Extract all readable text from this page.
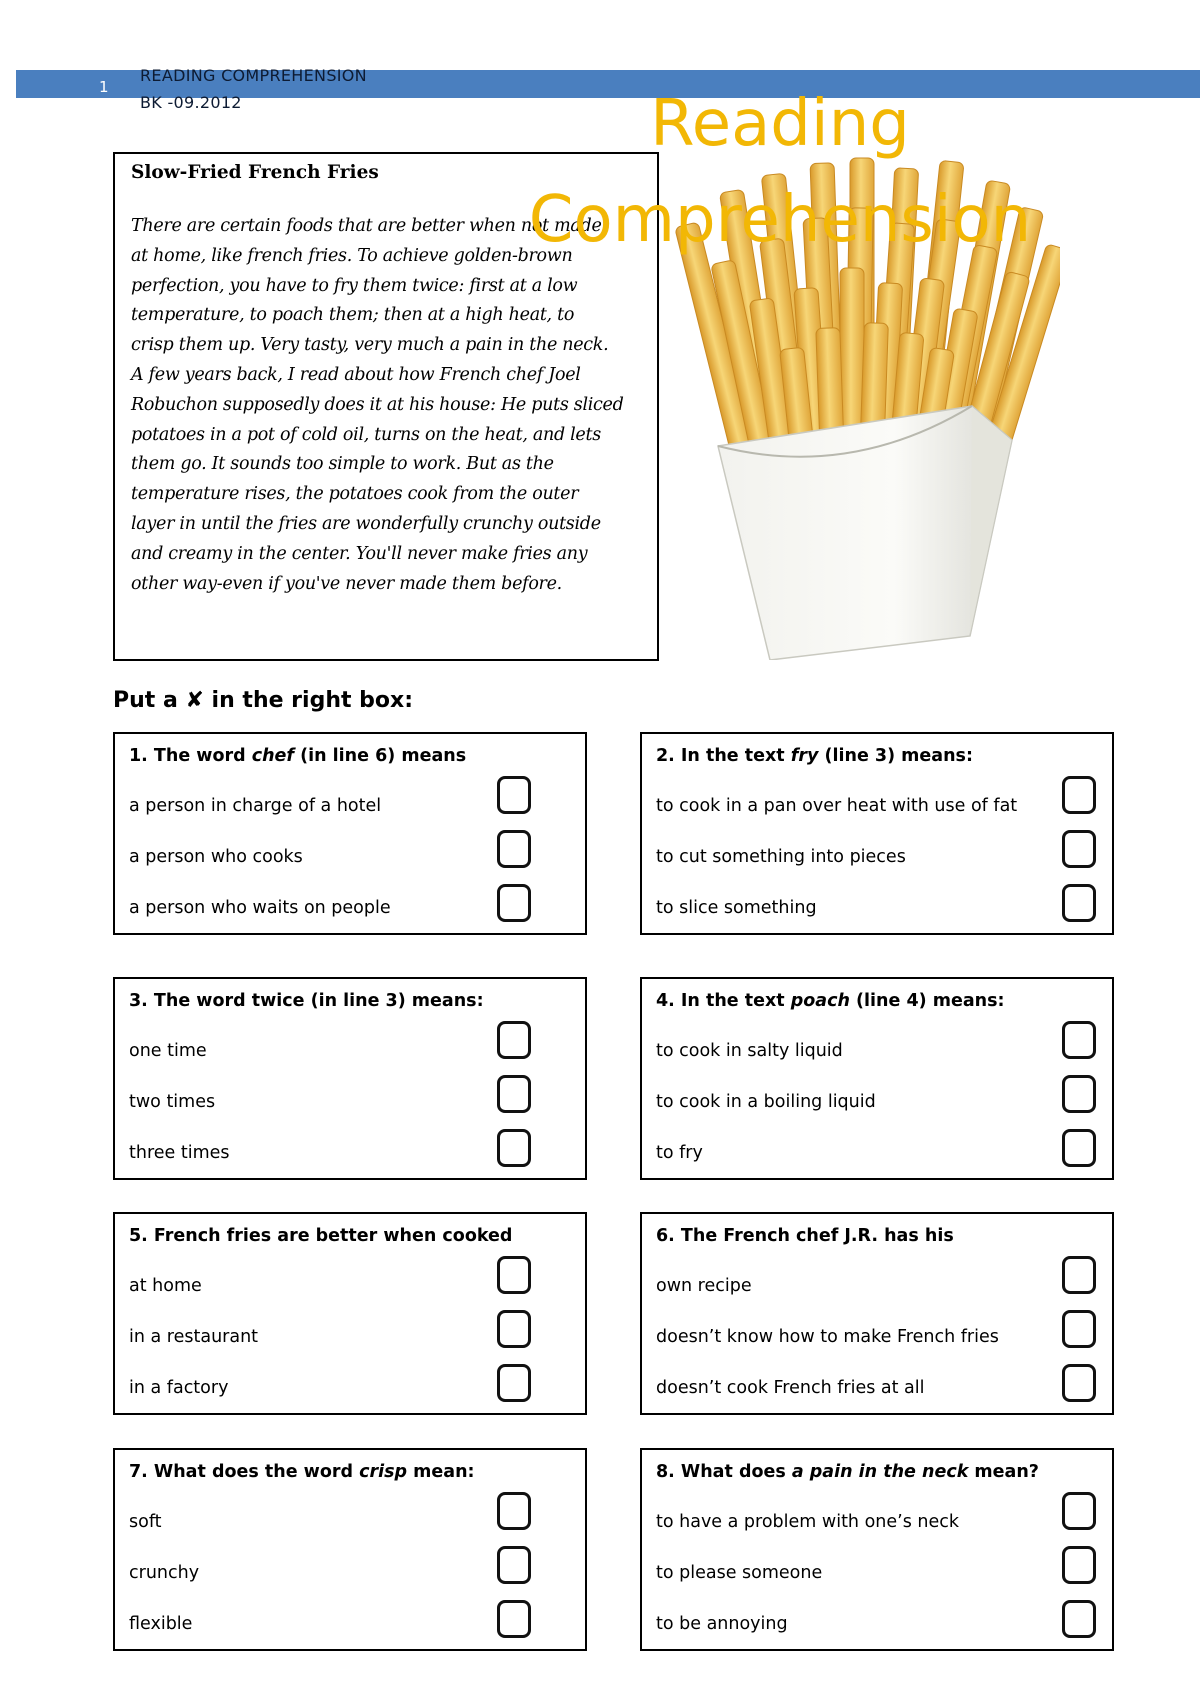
1
READING COMPREHENSION
BK -09.2012	Reading
Comprehension
Slow-Fried French Fries
There are certain foods that are better when not made
at home, like french fries. To achieve golden-brown
perfection, you have to fry them twice: first at a low
temperature, to poach them; then at a high heat, to
crisp them up. Very tasty, very much a pain in the neck.
A few years back, I read about how French chef Joel
Robuchon supposedly does it at his house: He puts sliced
potatoes in a pot of cold oil, turns on the heat, and lets
them go. It sounds too simple to work. But as the
temperature rises, the potatoes cook from the outer
layer in until the fries are wonderfully crunchy outside
and creamy in the center. You'll never make fries any
other way-even if you've never made them before.
Put a ✘ in the right box:
1. The word chef (in line 6) means
a person in charge of a hotel
a person who cooks
a person who waits on people
2. In the text fry (line 3) means:
to cook in a pan over heat with use of fat
to cut something into pieces
to slice something
3. The word twice (in line 3) means:
one time
two times
three times
4. In the text poach (line 4) means:
to cook in salty liquid
to cook in a boiling liquid
to fry
5. French fries are better when cooked
at home
in a restaurant
in a factory
6. The French chef J.R. has his
own recipe
doesn’t know how to make French fries
doesn’t cook French fries at all
7. What does the word crisp mean:
soft
crunchy
flexible
8. What does a pain in the neck mean?
to have a problem with one’s neck
to please someone
to be annoying
